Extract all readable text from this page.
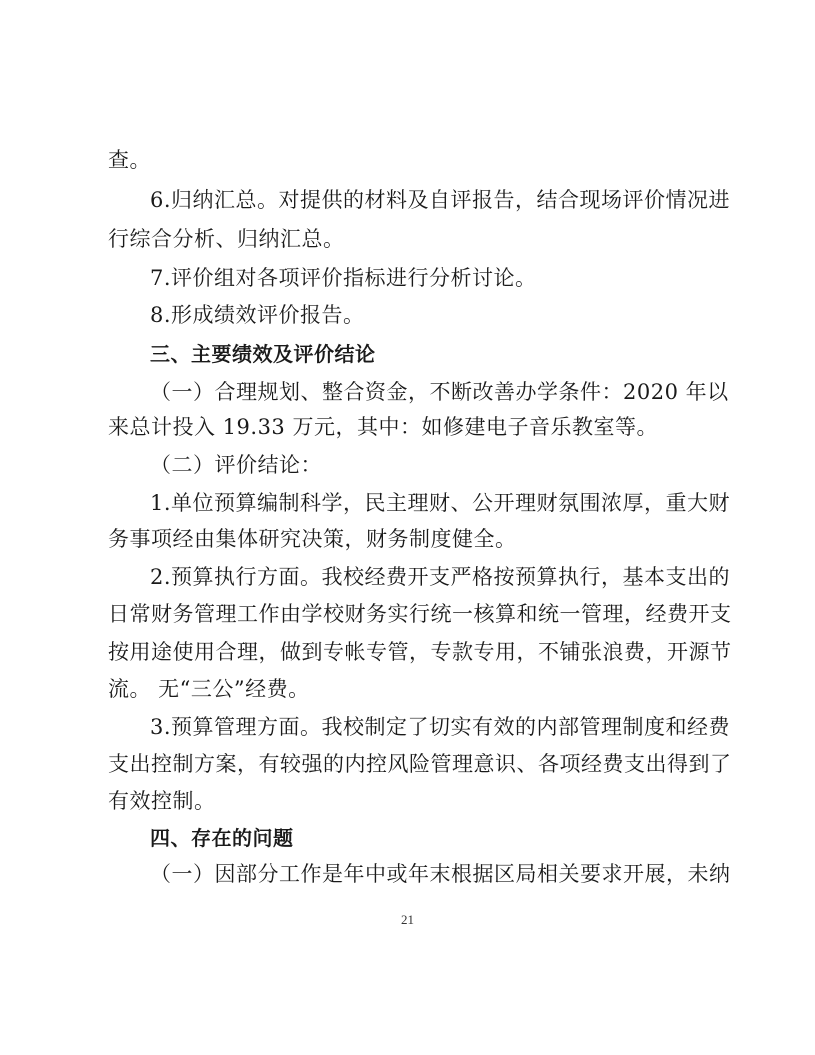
查。

6.归纳汇总。对提供的材料及自评报告，结合现场评价情况进

行综合分析、归纳汇总。

7.评价组对各项评价指标进行分析讨论。

8.形成绩效评价报告。

三、主要绩效及评价结论

（一）合理规划、整合资金，不断改善办学条件：2020 年以

来总计投入 19.33 万元，其中：如修建电子音乐教室等。

（二）评价结论：

1.单位预算编制科学，民主理财、公开理财氛围浓厚，重大财

务事项经由集体研究决策，财务制度健全。

2.预算执行方面。我校经费开支严格按预算执行，基本支出的

日常财务管理工作由学校财务实行统一核算和统一管理，经费开支

按用途使用合理，做到专帐专管，专款专用，不铺张浪费，开源节

流。 无“三公”经费。

3.预算管理方面。我校制定了切实有效的内部管理制度和经费

支出控制方案，有较强的内控风险管理意识、各项经费支出得到了

有效控制。

四、存在的问题

（一）因部分工作是年中或年末根据区局相关要求开展，未纳

21
